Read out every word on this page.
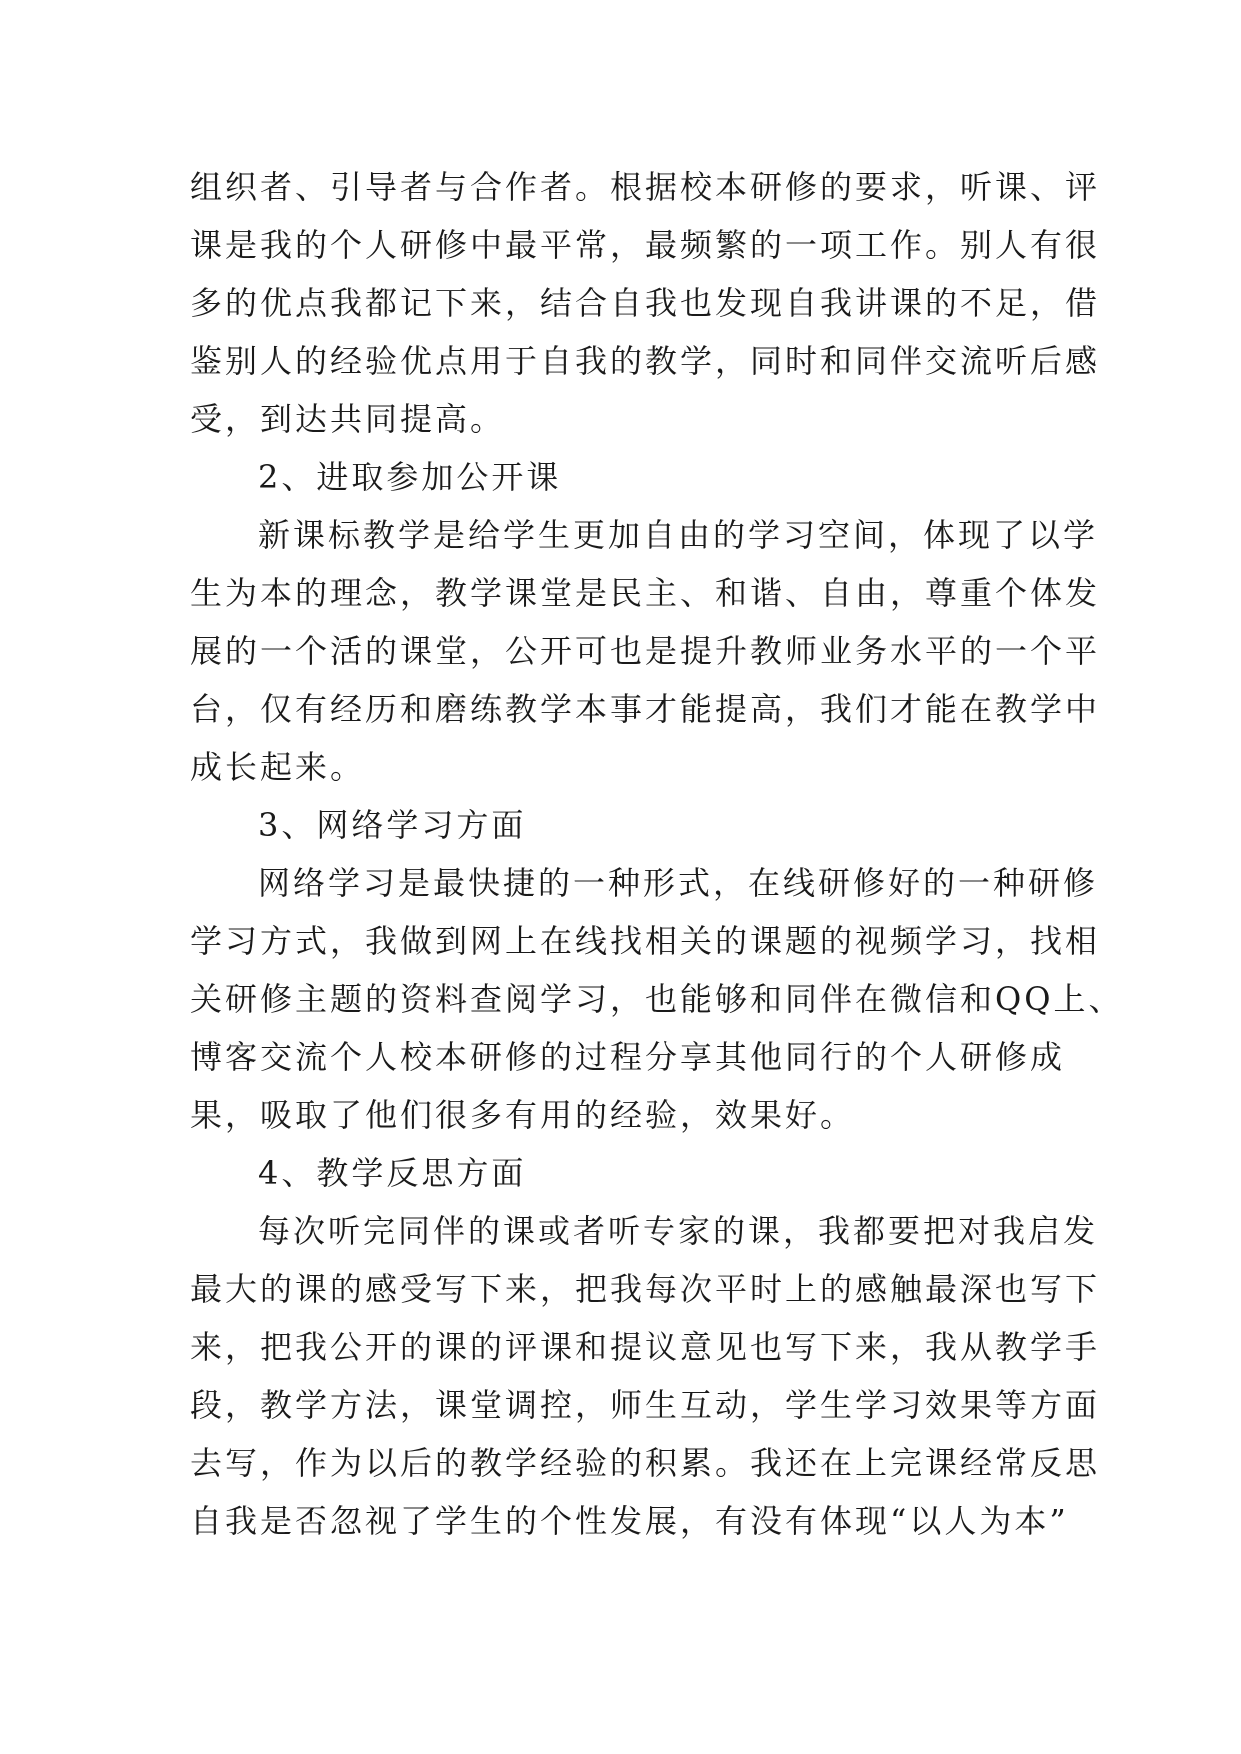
组织者、引导者与合作者。根据校本研修的要求，听课、评
课是我的个人研修中最平常，最频繁的一项工作。别人有很
多的优点我都记下来，结合自我也发现自我讲课的不足，借
鉴别人的经验优点用于自我的教学，同时和同伴交流听后感
受，到达共同提高。
2、进取参加公开课
新课标教学是给学生更加自由的学习空间，体现了以学
生为本的理念，教学课堂是民主、和谐、自由，尊重个体发
展的一个活的课堂，公开可也是提升教师业务水平的一个平
台，仅有经历和磨练教学本事才能提高，我们才能在教学中
成长起来。
3、网络学习方面
网络学习是最快捷的一种形式，在线研修好的一种研修
学习方式，我做到网上在线找相关的课题的视频学习，找相
关研修主题的资料查阅学习，也能够和同伴在微信和QQ上、
博客交流个人校本研修的过程分享其他同行的个人研修成
果，吸取了他们很多有用的经验，效果好。
4、教学反思方面
每次听完同伴的课或者听专家的课，我都要把对我启发
最大的课的感受写下来，把我每次平时上的感触最深也写下
来，把我公开的课的评课和提议意见也写下来，我从教学手
段，教学方法，课堂调控，师生互动，学生学习效果等方面
去写，作为以后的教学经验的积累。我还在上完课经常反思
自我是否忽视了学生的个性发展，有没有体现“以人为本”
